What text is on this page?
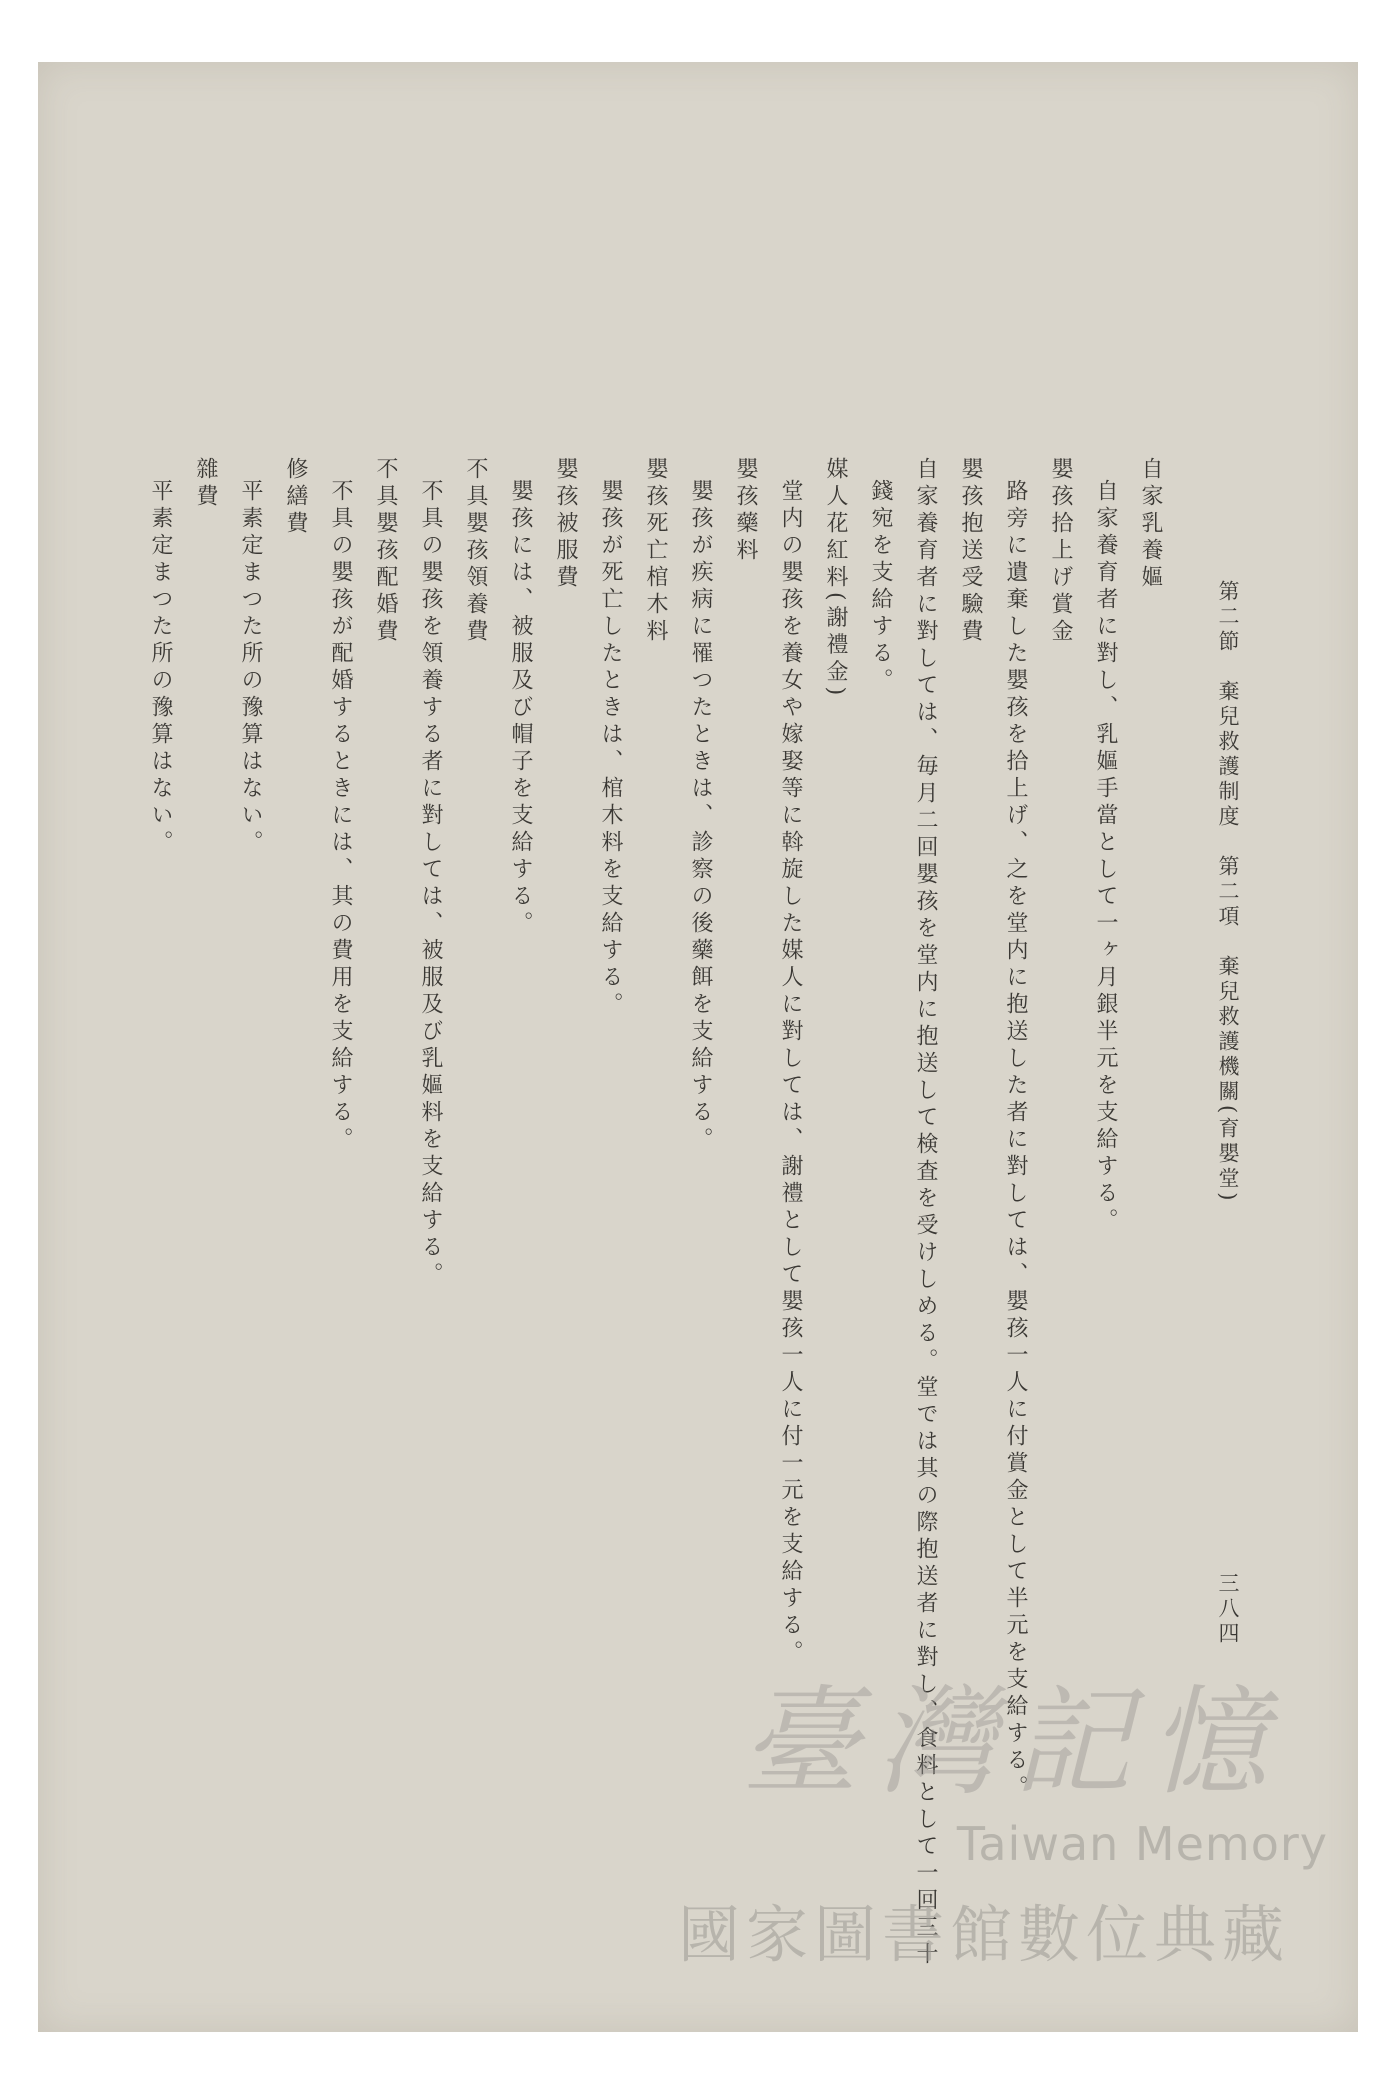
第二節　棄兒救護制度　第二項　棄兒救護機關(育嬰堂)
三八四
自家乳養嫗
自家養育者に對し、乳嫗手當として一ヶ月銀半元を支給する。
嬰孩拾上げ賞金
路旁に遺棄した嬰孩を拾上げ、之を堂内に抱送した者に對しては、嬰孩一人に付賞金として半元を支給する。
嬰孩抱送受驗費
自家養育者に對しては、毎月二回嬰孩を堂内に抱送して検査を受けしめる。堂では其の際抱送者に對し、食料として一回三十
錢宛を支給する。
媒人花紅料(謝禮金)
堂内の嬰孩を養女や嫁娶等に斡旋した媒人に對しては、謝禮として嬰孩一人に付一元を支給する。
嬰孩藥料
嬰孩が疾病に罹つたときは、診察の後藥餌を支給する。
嬰孩死亡棺木料
嬰孩が死亡したときは、棺木料を支給する。
嬰孩被服費
嬰孩には、被服及び帽子を支給する。
不具嬰孩領養費
不具の嬰孩を領養する者に對しては、被服及び乳嫗料を支給する。
不具嬰孩配婚費
不具の嬰孩が配婚するときには、其の費用を支給する。
修繕費
平素定まつた所の豫算はない。
雜費
平素定まつた所の豫算はない。
臺灣記憶
Taiwan Memory
國家圖書館數位典藏
